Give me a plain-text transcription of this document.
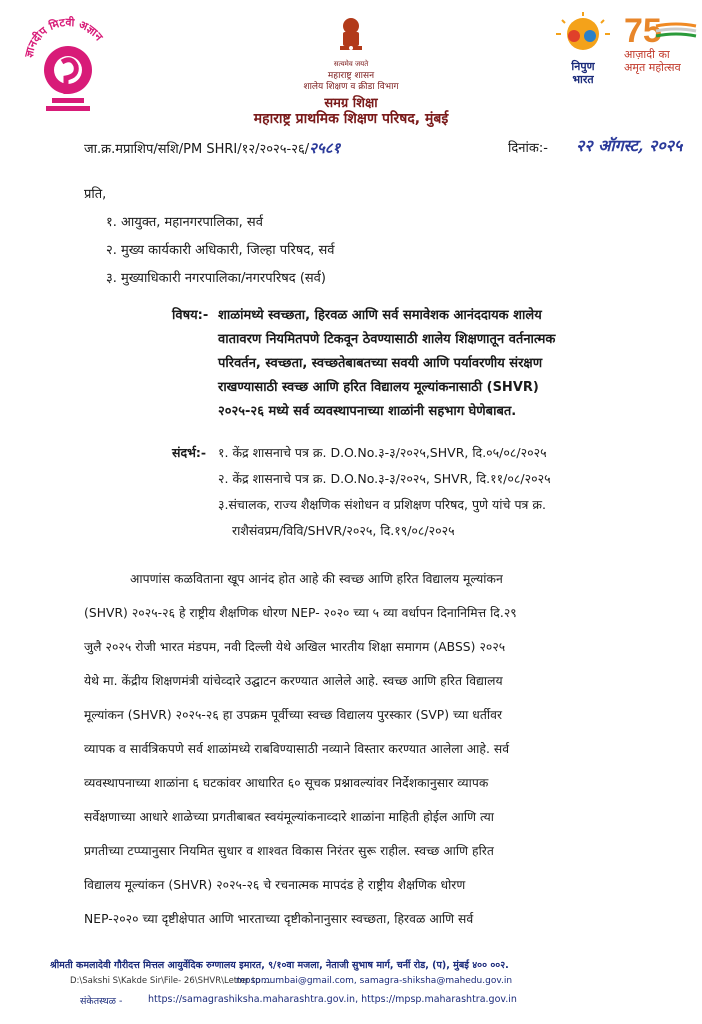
ज्ञानदीप मिटवी अज्ञान
सत्यमेव जयते
महाराष्ट्र शासन
शालेय शिक्षण व क्रीडा विभाग
समग्र शिक्षा
महाराष्ट्र प्राथमिक शिक्षण परिषद, मुंबई
निपुण
भारत
75
आज़ादी का
अमृत महोत्सव
जा.क्र.मप्राशिप/सशि/PM SHRI/१२/२०२५-२६/२५८१	दिनांक:- २२ ऑगस्ट, २०२५
प्रति,
१. आयुक्त, महानगरपालिका, सर्व
२. मुख्य कार्यकारी अधिकारी, जिल्हा परिषद, सर्व
३. मुख्याधिकारी नगरपालिका/नगरपरिषद (सर्व)
विषय:- शाळांमध्ये स्वच्छता, हिरवळ आणि सर्व समावेशक आनंददायक शालेय
वातावरण नियमितपणे टिकवून ठेवण्यासाठी शालेय शिक्षणातून वर्तनात्मक
परिवर्तन, स्वच्छता, स्वच्छतेबाबतच्या सवयी आणि पर्यावरणीय संरक्षण
राखण्यासाठी स्वच्छ आणि हरित विद्यालय मूल्यांकनासाठी (SHVR)
२०२५-२६ मध्ये सर्व व्यवस्थापनाच्या शाळांनी सहभाग घेणेबाबत.
संदर्भ:- १. केंद्र शासनाचे पत्र क्र. D.O.No.३-३/२०२५,SHVR, दि.०५/०८/२०२५
२. केंद्र शासनाचे पत्र क्र. D.O.No.३-३/२०२५, SHVR, दि.११/०८/२०२५
३.संचालक, राज्य शैक्षणिक संशोधन व प्रशिक्षण परिषद, पुणे यांचे पत्र क्र.
राशैसंवप्रम/विवि/SHVR/२०२५, दि.१९/०८/२०२५
आपणांस कळविताना खूप आनंद होत आहे की स्वच्छ आणि हरित विद्यालय मूल्यांकन
(SHVR) २०२५-२६ हे राष्ट्रीय शैक्षणिक धोरण NEP- २०२० च्या ५ व्या वर्धापन दिनानिमित्त दि.२९
जुलै २०२५ रोजी भारत मंडपम, नवी दिल्ली येथे अखिल भारतीय शिक्षा समागम (ABSS) २०२५
येथे मा. केंद्रीय शिक्षणमंत्री यांचेव्दारे उद्घाटन करण्यात आलेले आहे. स्वच्छ आणि हरित विद्यालय
मूल्यांकन (SHVR) २०२५-२६ हा उपक्रम पूर्वीच्या स्वच्छ विद्यालय पुरस्कार (SVP) च्या धर्तीवर
व्यापक व सार्वत्रिकपणे सर्व शाळांमध्ये राबविण्यासाठी नव्याने विस्तार करण्यात आलेला आहे. सर्व
व्यवस्थापनाच्या शाळांना ६ घटकांवर आधारित ६० सूचक प्रश्नावल्यांवर निर्देशकानुसार व्यापक
सर्वेक्षणाच्या आधारे शाळेच्या प्रगतीबाबत स्वयंमूल्यांकनाव्दारे शाळांना माहिती होईल आणि त्या
प्रगतीच्या टप्प्यानुसार नियमित सुधार व शाश्वत विकास निरंतर सुरू राहील. स्वच्छ आणि हरित
विद्यालय मूल्यांकन (SHVR) २०२५-२६ चे रचनात्मक मापदंड हे राष्ट्रीय शैक्षणिक धोरण
NEP-२०२० च्या दृष्टीक्षेपात आणि भारताच्या दृष्टीकोनानुसार स्वच्छता, हिरवळ आणि सर्व
श्रीमती कमलादेवी गौरीदत्त मित्तल आयुर्वेदिक रुग्णालय इमारत, ९/१०वा मजला, नेताजी सुभाष मार्ग, चर्नी रोड, (प), मुंबई ४०० ००२.
D:\Sakshi S\Kakde Sir\File- 26\SHVR\Letter to ...
mpspmumbai@gmail.com, samagra-shiksha@mahedu.gov.in
संकेतस्थळ -	https://samagrashiksha.maharashtra.gov.in, https://mpsp.maharashtra.gov.in
